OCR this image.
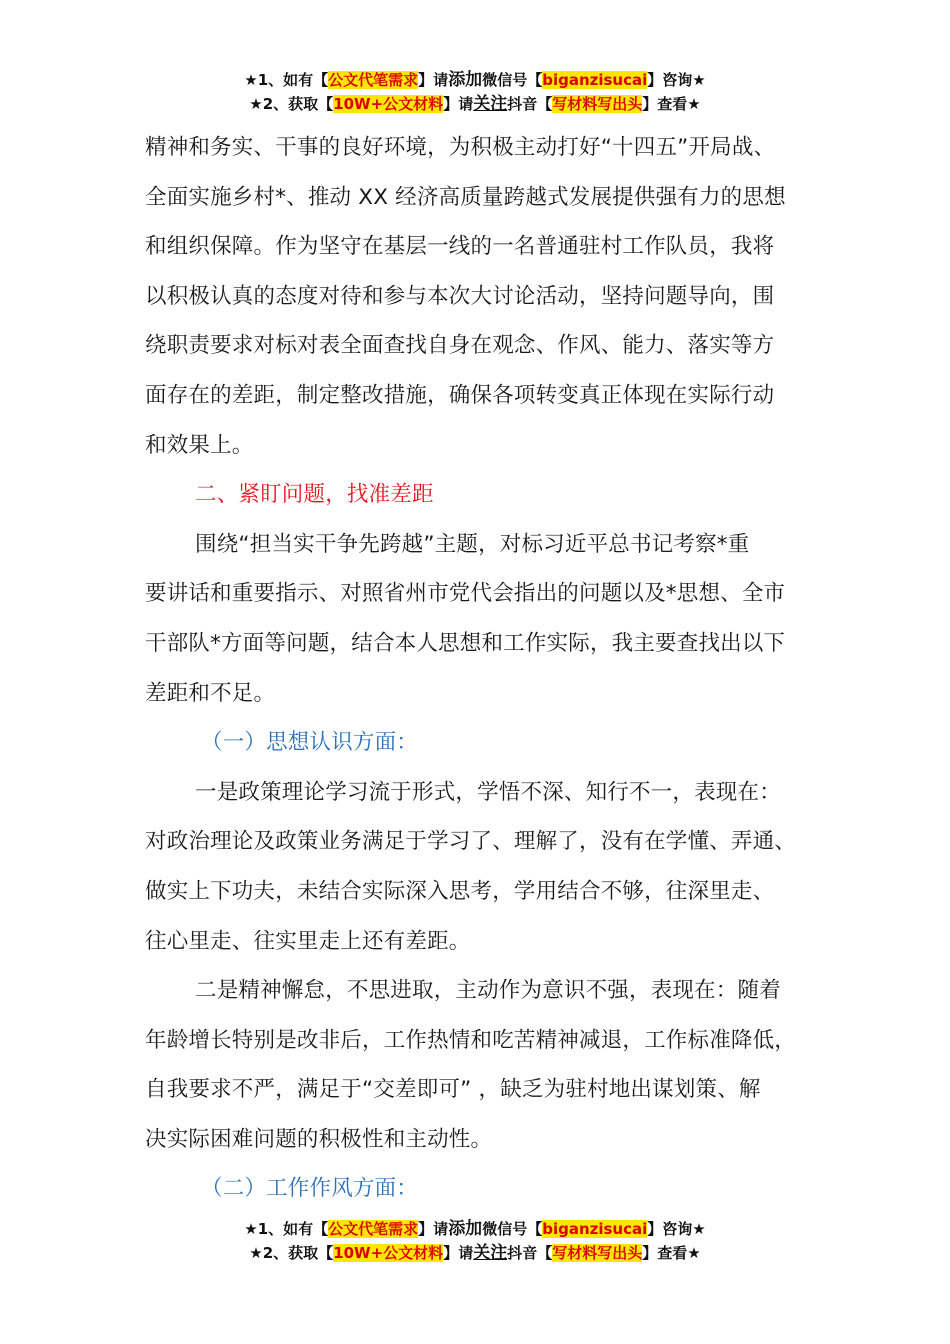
★1、如有【公文代笔需求】请添加微信号【biganzisucai】咨询★
★2、获取【10W+公文材料】请关注抖音【写材料写出头】查看★
精神和务实、干事的良好环境，为积极主动打好“十四五”开局战、
全面实施乡村*、推动 XX 经济高质量跨越式发展提供强有力的思想
和组织保障。作为坚守在基层一线的一名普通驻村工作队员，我将
以积极认真的态度对待和参与本次大讨论活动，坚持问题导向，围
绕职责要求对标对表全面查找自身在观念、作风、能力、落实等方
面存在的差距，制定整改措施，确保各项转变真正体现在实际行动
和效果上。
二、紧盯问题，找准差距
围绕“担当实干争先跨越”主题，对标习近平总书记考察*重
要讲话和重要指示、对照省州市党代会指出的问题以及*思想、全市
干部队*方面等问题，结合本人思想和工作实际，我主要查找出以下
差距和不足。
（一）思想认识方面：
一是政策理论学习流于形式，学悟不深、知行不一，表现在：
对政治理论及政策业务满足于学习了、理解了，没有在学懂、弄通、
做实上下功夫，未结合实际深入思考，学用结合不够，往深里走、
往心里走、往实里走上还有差距。
二是精神懈怠，不思进取，主动作为意识不强，表现在：随着
年龄增长特别是改非后，工作热情和吃苦精神减退，工作标准降低，
自我要求不严，满足于“交差即可” ，缺乏为驻村地出谋划策、解
决实际困难问题的积极性和主动性。
（二）工作作风方面：
★1、如有【公文代笔需求】请添加微信号【biganzisucai】咨询★
★2、获取【10W+公文材料】请关注抖音【写材料写出头】查看★
